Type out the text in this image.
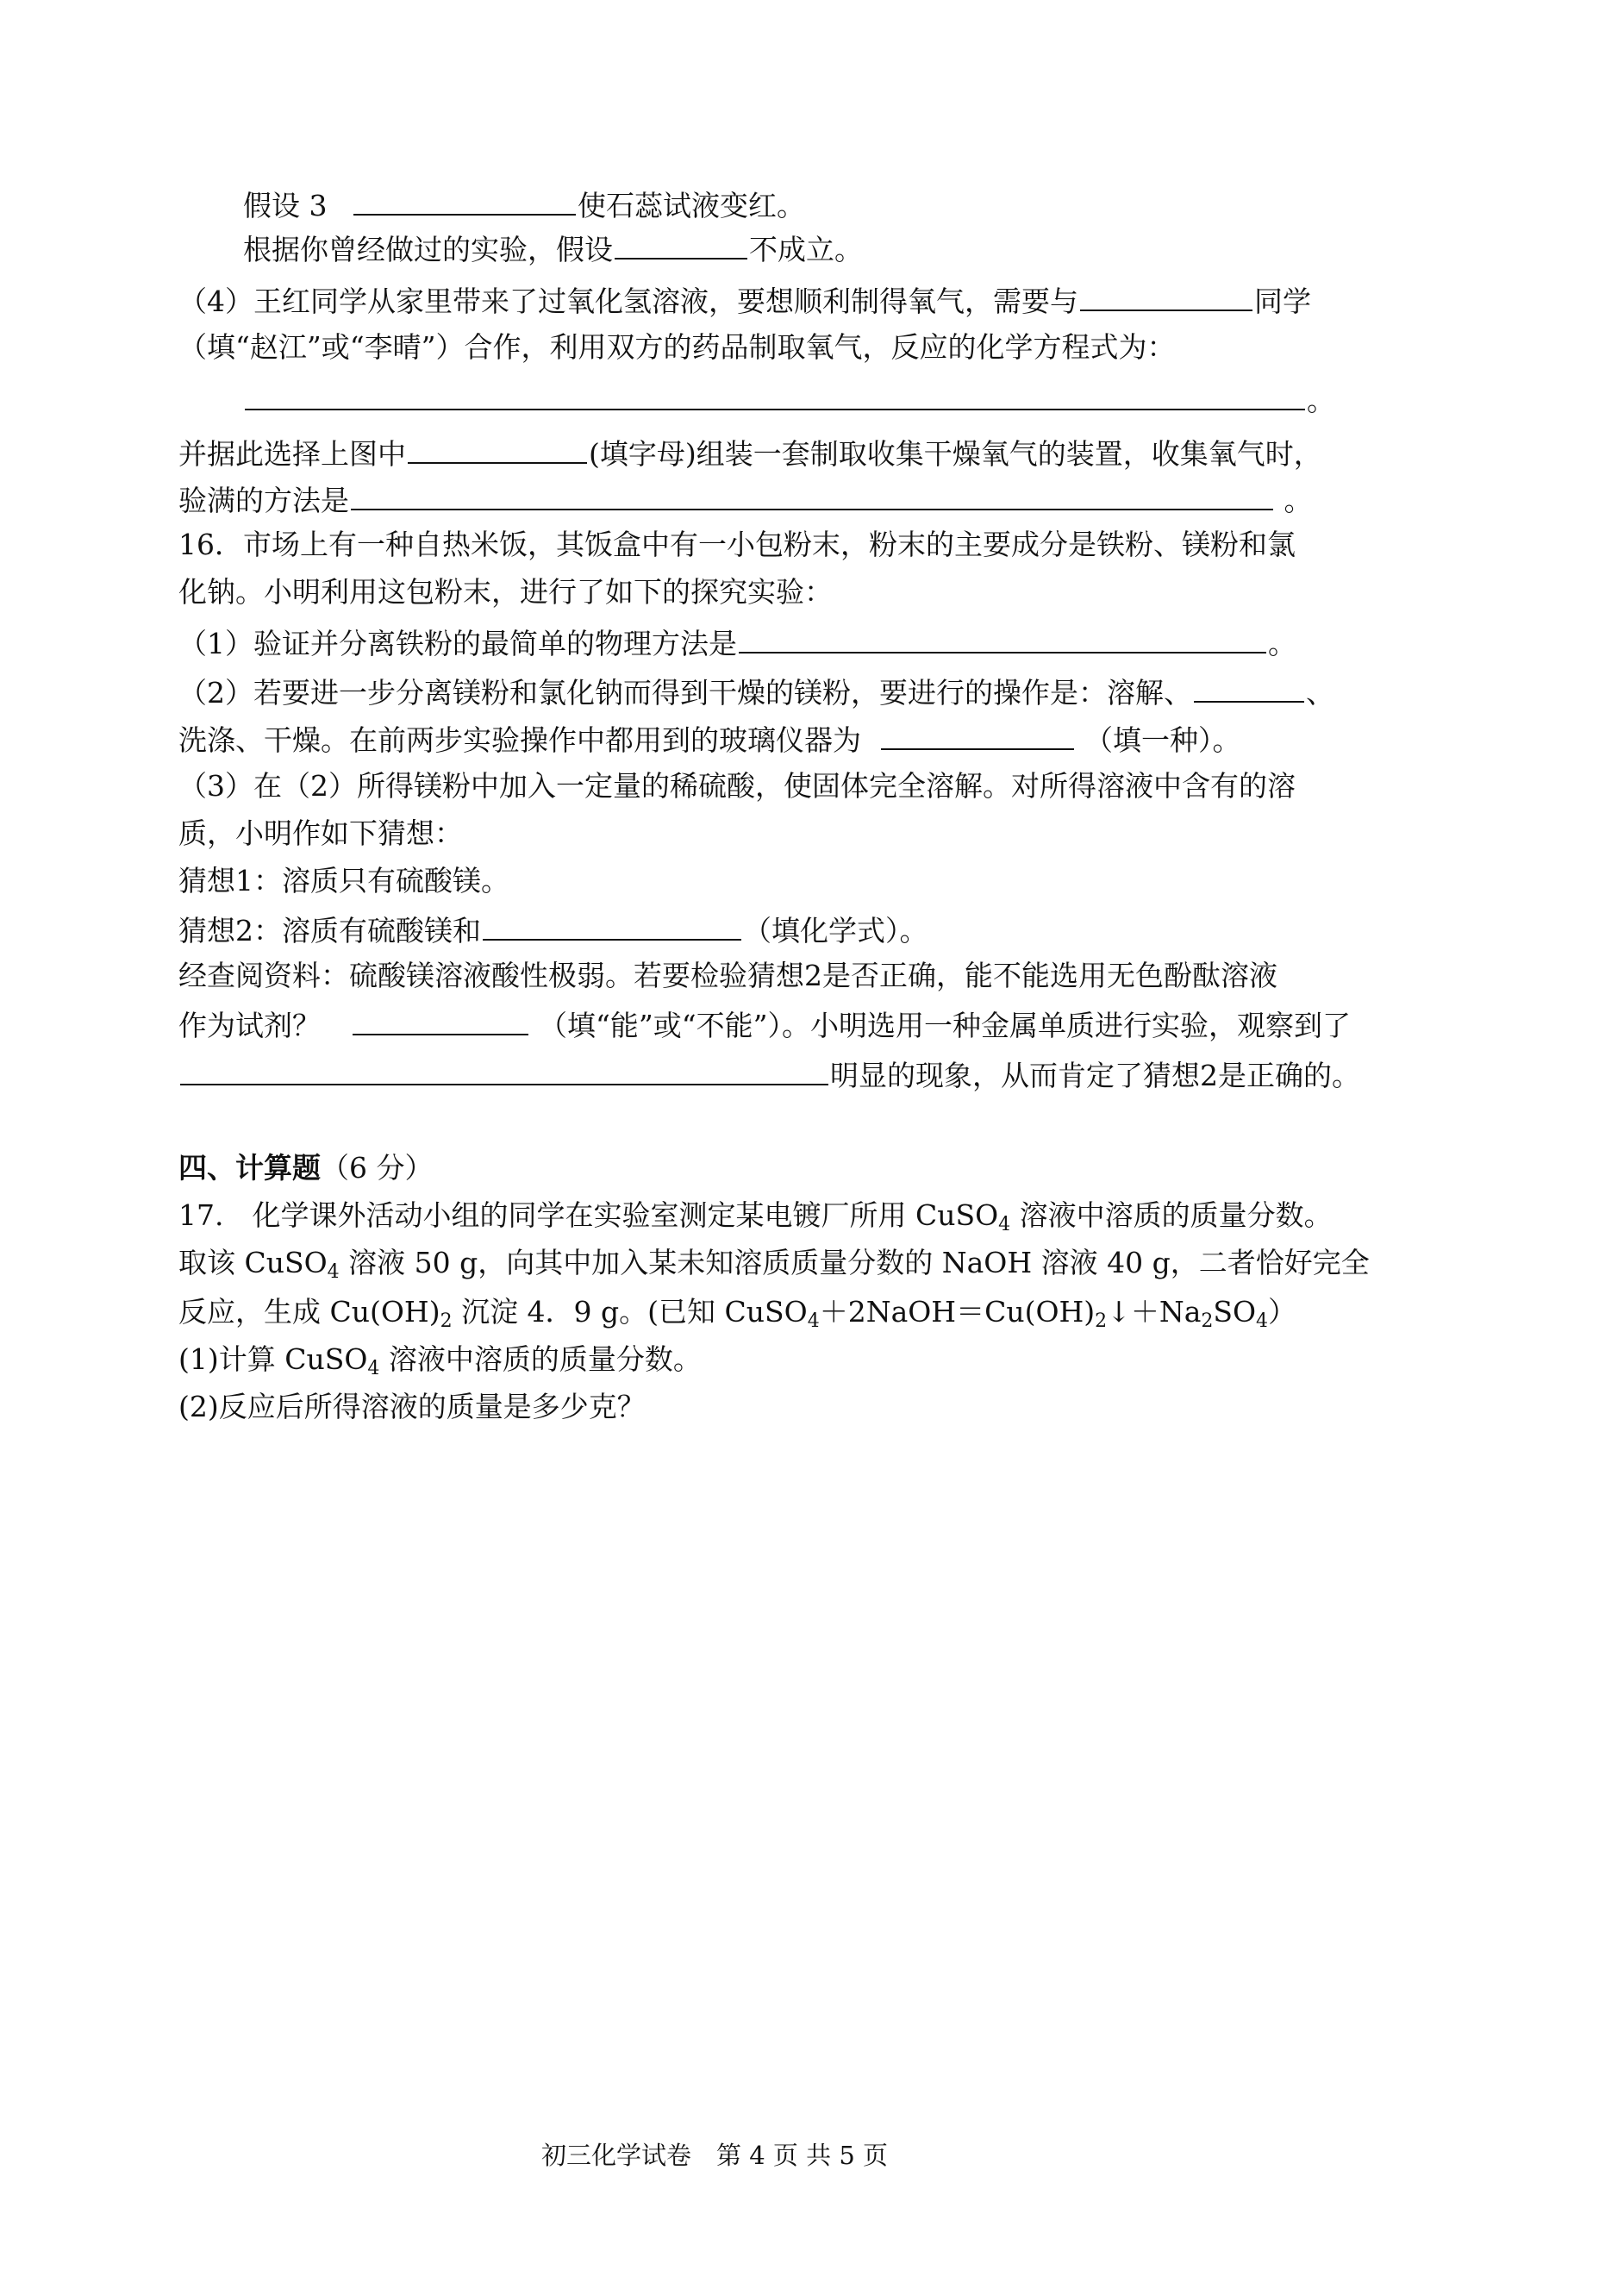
假设 3	使石蕊试液变红。
根据你曾经做过的实验，假设	不成立。
（4）王红同学从家里带来了过氧化氢溶液，要想顺利制得氧气，需要与	同学
（填“赵江”或“李晴”）合作，利用双方的药品制取氧气，反应的化学方程式为：
。
并据此选择上图中	(填字母)组装一套制取收集干燥氧气的装置，收集氧气时，
验满的方法是	。
16．市场上有一种自热米饭，其饭盒中有一小包粉末，粉末的主要成分是铁粉、镁粉和氯
化钠。小明利用这包粉末，进行了如下的探究实验：
（1）验证并分离铁粉的最简单的物理方法是	。
（2）若要进一步分离镁粉和氯化钠而得到干燥的镁粉，要进行的操作是：溶解、	、
洗涤、干燥。在前两步实验操作中都用到的玻璃仪器为	（填一种）。
（3）在（2）所得镁粉中加入一定量的稀硫酸，使固体完全溶解。对所得溶液中含有的溶
质，小明作如下猜想：
猜想1：溶质只有硫酸镁。
猜想2：溶质有硫酸镁和	（填化学式）。
经查阅资料：硫酸镁溶液酸性极弱。若要检验猜想2是否正确，能不能选用无色酚酞溶液
作为试剂？	（填“能”或“不能”）。小明选用一种金属单质进行实验，观察到了
明显的现象，从而肯定了猜想2是正确的。
四、计算题（6 分）
17.　化学课外活动小组的同学在实验室测定某电镀厂所用 CuSO$_4$ 溶液中溶质的质量分数。
取该 CuSO$_4$ 溶液 50 g，向其中加入某未知溶质质量分数的 NaOH 溶液 40 g，二者恰好完全
反应，生成 $Cu(OH)_2$ 沉淀 4．9 g。(已知 $CuSO_4+2NaOH=Cu(OH)_2↓+Na_2SO_4$）
(1)计算 CuSO$_4$ 溶液中溶质的质量分数。
(2)反应后所得溶液的质量是多少克？
初三化学试卷　第 4 页 共 5 页
